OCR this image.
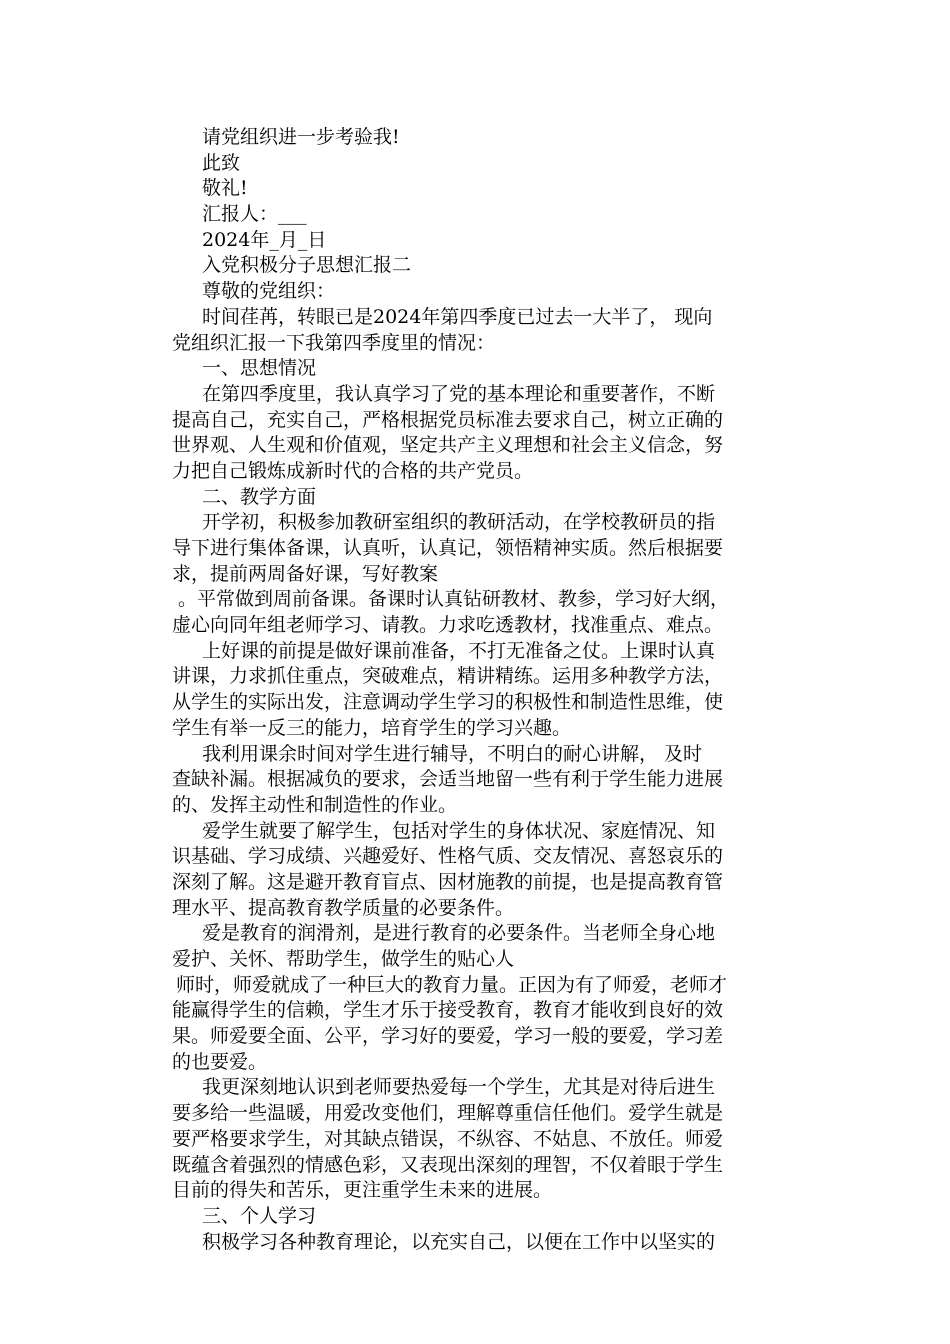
请党组织进一步考验我!
此致
敬礼!
汇报人：___
2024年_月_日
入党积极分子思想汇报二
尊敬的党组织：
时间荏苒，转眼已是2024年第四季度已过去一大半了， 现向
党组织汇报一下我第四季度里的情况：
一、思想情况
在第四季度里，我认真学习了党的基本理论和重要著作，不断
提高自己，充实自己，严格根据党员标准去要求自己，树立正确的
世界观、人生观和价值观，坚定共产主义理想和社会主义信念，努
力把自己锻炼成新时代的合格的共产党员。
二、教学方面
开学初，积极参加教研室组织的教研活动，在学校教研员的指
导下进行集体备课，认真听，认真记，领悟精神实质。然后根据要
求，提前两周备好课，写好教案
。平常做到周前备课。备课时认真钻研教材、教参，学习好大纲，
虚心向同年组老师学习、请教。力求吃透教材，找准重点、难点。
上好课的前提是做好课前准备，不打无准备之仗。上课时认真
讲课，力求抓住重点，突破难点，精讲精练。运用多种教学方法，
从学生的实际出发，注意调动学生学习的积极性和制造性思维，使
学生有举一反三的能力，培育学生的学习兴趣。
我利用课余时间对学生进行辅导，不明白的耐心讲解， 及时
查缺补漏。根据减负的要求，会适当地留一些有利于学生能力进展
的、发挥主动性和制造性的作业。
爱学生就要了解学生，包括对学生的身体状况、家庭情况、知
识基础、学习成绩、兴趣爱好、性格气质、交友情况、喜怒哀乐的
深刻了解。这是避开教育盲点、因材施教的前提，也是提高教育管
理水平、提高教育教学质量的必要条件。
爱是教育的润滑剂，是进行教育的必要条件。当老师全身心地
爱护、关怀、帮助学生，做学生的贴心人
师时，师爱就成了一种巨大的教育力量。正因为有了师爱，老师才
能赢得学生的信赖，学生才乐于接受教育，教育才能收到良好的效
果。师爱要全面、公平，学习好的要爱，学习一般的要爱，学习差
的也要爱。
我更深刻地认识到老师要热爱每一个学生，尤其是对待后进生
要多给一些温暖，用爱改变他们，理解尊重信任他们。爱学生就是
要严格要求学生，对其缺点错误，不纵容、不姑息、不放任。师爱
既蕴含着强烈的情感色彩，又表现出深刻的理智，不仅着眼于学生
目前的得失和苦乐，更注重学生未来的进展。
三、个人学习
积极学习各种教育理论，以充实自己，以便在工作中以坚实的
